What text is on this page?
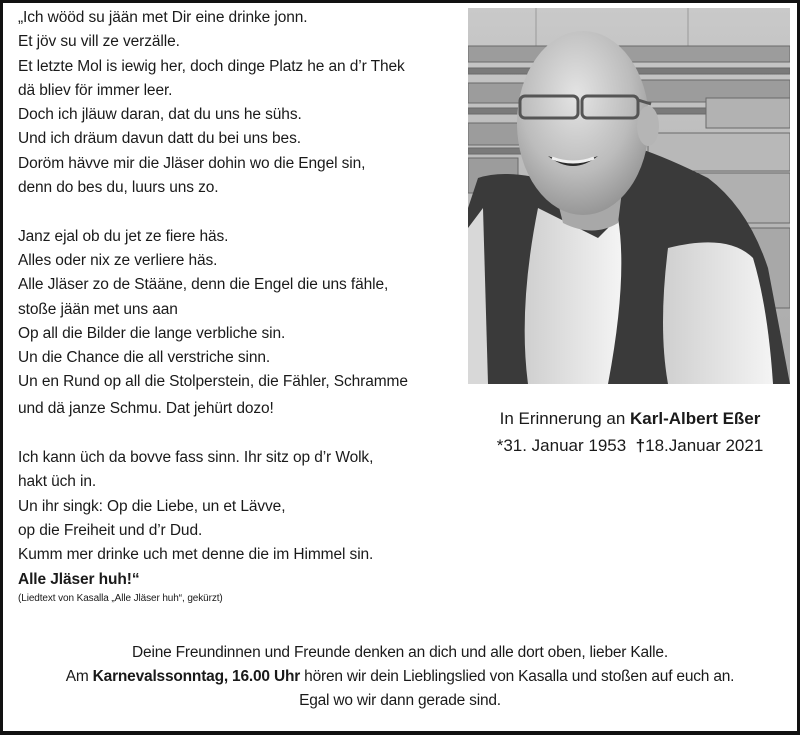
„Ich wööd su jään met Dir eine drinke jonn.
Et jöv su vill ze verzälle.
Et letzte Mol is iewig her, doch dinge Platz he an d’r Thek
dä bliev för immer leer.
Doch ich jläuw daran, dat du uns he sühs.
Und ich dräum davun datt du bei uns bes.
Doröm hävve mir die Jläser dohin wo die Engel sin,
denn do bes du, luurs uns zo.
Janz ejal ob du jet ze fiere häs.
Alles oder nix ze verliere häs.
Alle Jläser zo de Stääne, denn die Engel die uns fähle,
stoße jään met uns aan
Op all die Bilder die lange verbliche sin.
Un die Chance die all verstriche sinn.
Un en Rund op all die Stolperstein, die Fähler, Schramme
und dä janze Schmu. Dat jehürt dozo!
Ich kann üch da bovve fass sinn. Ihr sitz op d’r Wolk,
hakt üch in.
Un ihr singk: Op die Liebe, un et Lävve,
op die Freiheit und d’r Dud.
Kumm mer drinke uch met denne die im Himmel sin.
Alle Jläser huh!“
(Liedtext von Kasalla „Alle Jläser huh“, gekürzt)
In Erinnerung an Karl-Albert Eßer
*31. Januar 1953 †18.Januar 2021
Deine Freundinnen und Freunde denken an dich und alle dort oben, lieber Kalle.
Am Karnevalssonntag, 16.00 Uhr hören wir dein Lieblingslied von Kasalla und stoßen auf euch an.
Egal wo wir dann gerade sind.
